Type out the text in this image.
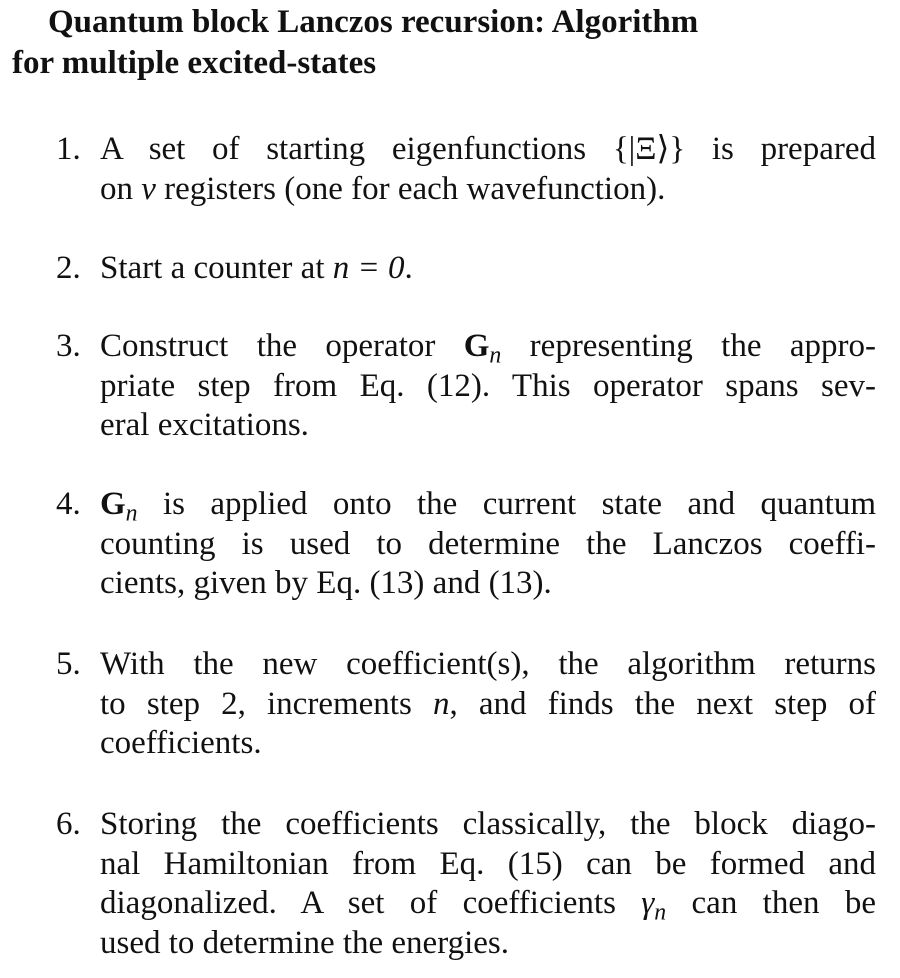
Quantum block Lanczos recursion: Algorithm
for multiple excited-states
1. A set of starting eigenfunctions {|Ξ⟩} is prepared
on ν registers (one for each wavefunction).
2. Start a counter at n = 0.
3. Construct the operator $G_n$ representing the appro-
priate step from Eq. (12). This operator spans sev-
eral excitations.
4. $G_n$ is applied onto the current state and quantum
counting is used to determine the Lanczos coeffi-
cients, given by Eq. (13) and (13).
5. With the new coefficient(s), the algorithm returns
to step 2, increments n, and finds the next step of
coefficients.
6. Storing the coefficients classically, the block diago-
nal Hamiltonian from Eq. (15) can be formed and
diagonalized. A set of coefficients $\gamma_n$ can then be
used to determine the energies.
